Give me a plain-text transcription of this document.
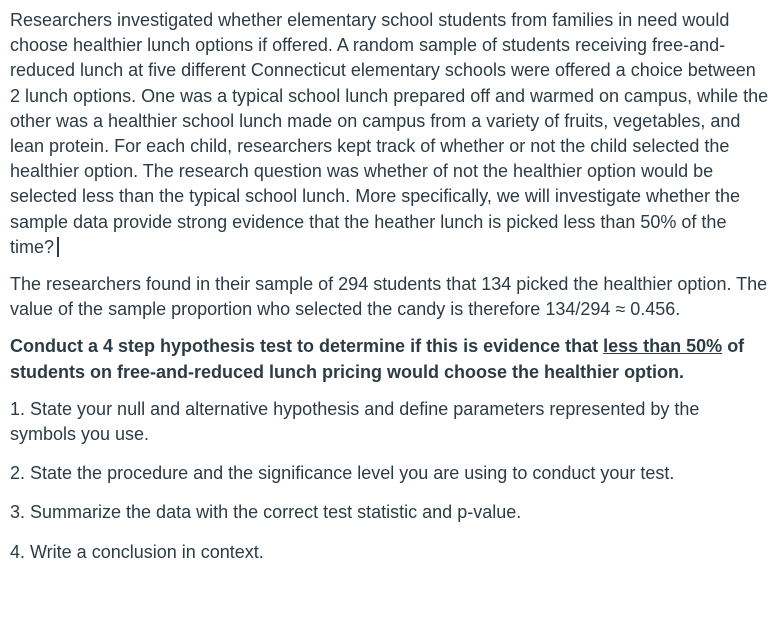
Researchers investigated whether elementary school students from families in need would choose healthier lunch options if offered. A random sample of students receiving free-and-reduced lunch at five different Connecticut elementary schools were offered a choice between 2 lunch options. One was a typical school lunch prepared off and warmed on campus, while the other was a healthier school lunch made on campus from a variety of fruits, vegetables, and lean protein. For each child, researchers kept track of whether or not the child selected the healthier option. The research question was whether of not the healthier option would be selected less than the typical school lunch. More specifically, we will investigate whether the sample data provide strong evidence that the heather lunch is picked less than 50% of the time?

The researchers found in their sample of 294 students that 134 picked the healthier option. The value of the sample proportion who selected the candy is therefore 134/294 ≈ 0.456.

Conduct a 4 step hypothesis test to determine if this is evidence that less than 50% of students on free-and-reduced lunch pricing would choose the healthier option.

1. State your null and alternative hypothesis and define parameters represented by the symbols you use.
2. State the procedure and the significance level you are using to conduct your test.
3. Summarize the data with the correct test statistic and p-value.
4. Write a conclusion in context.
